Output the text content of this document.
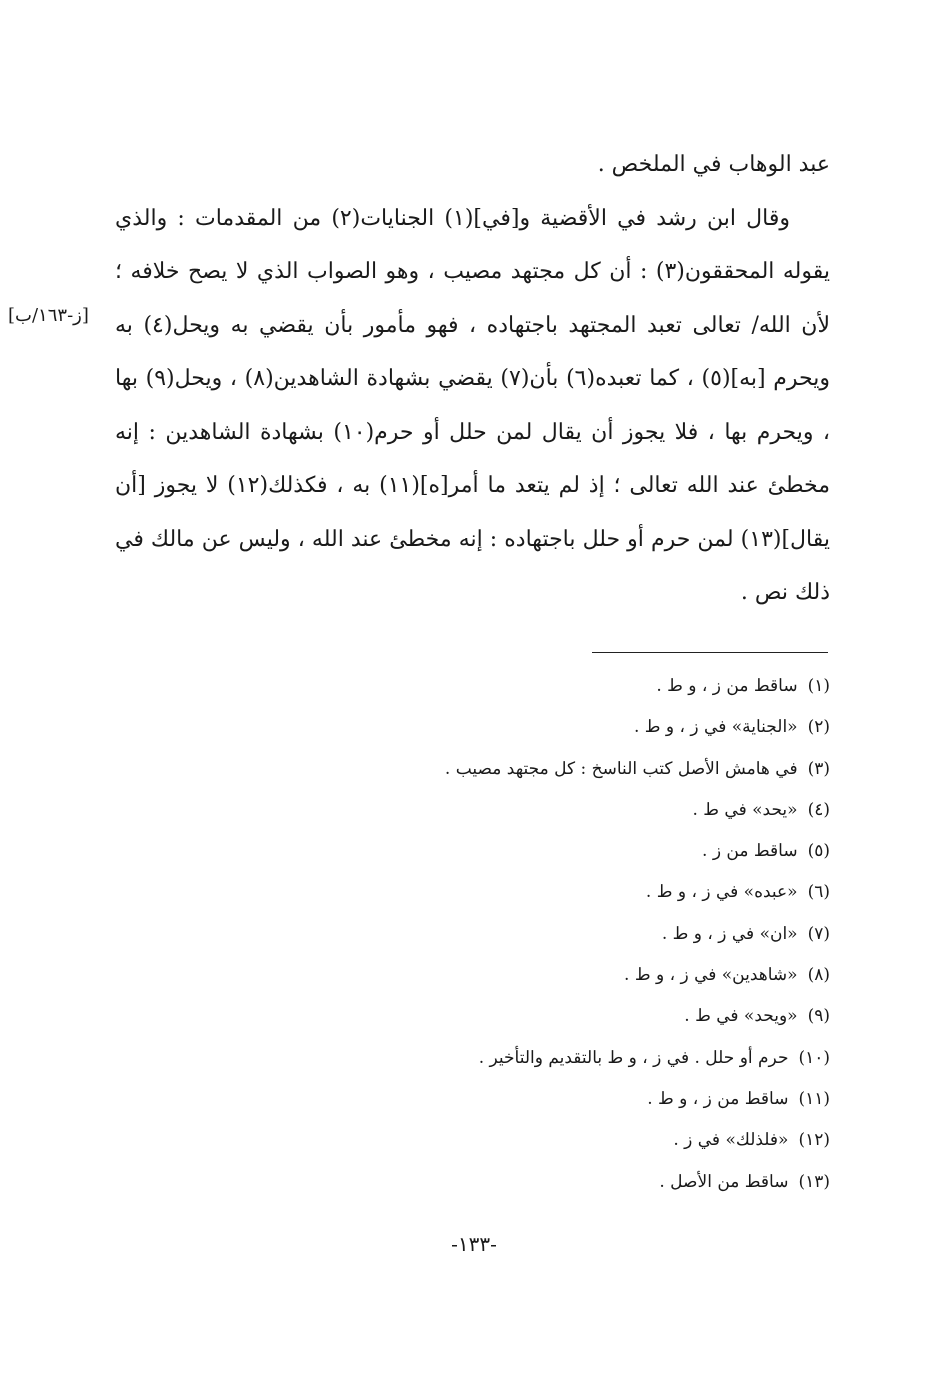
عبد الوهاب في الملخص .

وقال ابن رشد في الأقضية و[في](١) الجنايات(٢) من المقدمات : والذي يقوله المحققون(٣) : أن كل مجتهد مصيب ، وهو الصواب الذي لا يصح خلافه ؛ لأن الله/ تعالى تعبد المجتهد باجتهاده ، فهو مأمور بأن يقضي به ويحل(٤) به ويحرم [به](٥) ، كما تعبده(٦) بأن(٧) يقضي بشهادة الشاهدين(٨) ، ويحل(٩) بها ، ويحرم بها ، فلا يجوز أن يقال لمن حلل أو حرم(١٠) بشهادة الشاهدين : إنه مخطئ عند الله تعالى ؛ إذ لم يتعد ما أمر[ه](١١) به ، فكذلك(١٢) لا يجوز [أن يقال](١٣) لمن حرم أو حلل باجتهاده : إنه مخطئ عند الله ، وليس عن مالك في ذلك نص .

[ز-١٦٣/ب]
(١)ساقط من ز ، و ط .
(٢)«الجناية» في ز ، و ط .
(٣)في هامش الأصل كتب الناسخ : كل مجتهد مصيب .
(٤)«يحد» في ط .
(٥)ساقط من ز .
(٦)«عبده» في ز ، و ط .
(٧)«ان» في ز ، و ط .
(٨)«شاهدين» في ز ، و ط .
(٩)«ويحد» في ط .
(١٠)حرم أو حلل . في ز ، و ط بالتقديم والتأخير .
(١١)ساقط من ز ، و ط .
(١٢)«فلذلك» في ز .
(١٣)ساقط من الأصل .
-١٣٣-
